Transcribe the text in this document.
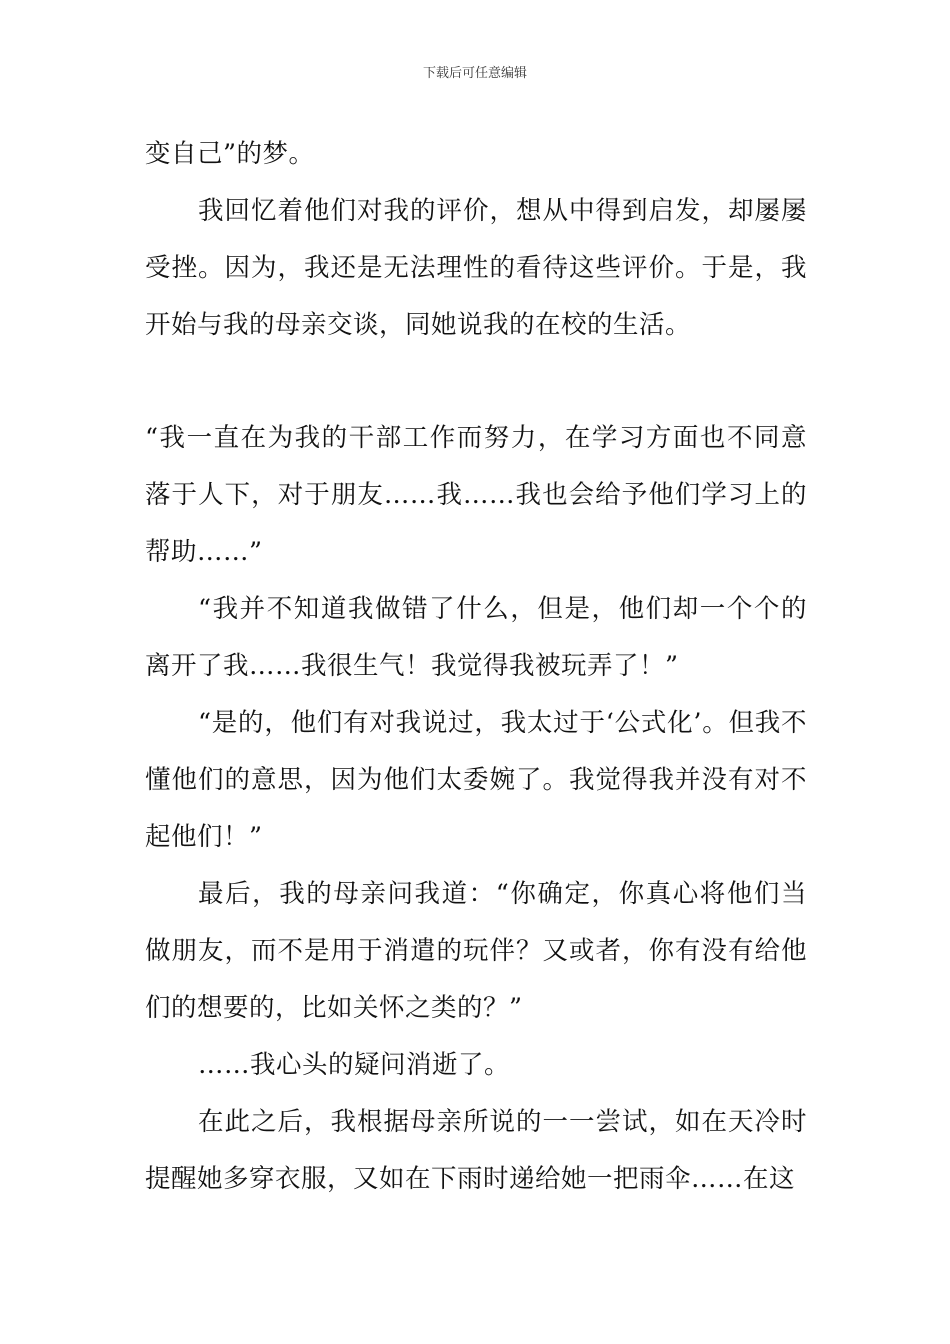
下载后可任意编辑

变自己”的梦。

我回忆着他们对我的评价，想从中得到启发，却屡屡受挫。因为，我还是无法理性的看待这些评价。于是，我开始与我的母亲交谈，同她说我的在校的生活。

“我一直在为我的干部工作而努力，在学习方面也不同意落于人下，对于朋友……我……我也会给予他们学习上的帮助……”

“我并不知道我做错了什么，但是，他们却一个个的离开了我……我很生气！我觉得我被玩弄了！”

“是的，他们有对我说过，我太过于‘公式化’。但我不懂他们的意思，因为他们太委婉了。我觉得我并没有对不起他们！”

最后，我的母亲问我道：“你确定，你真心将他们当做朋友，而不是用于消遣的玩伴？又或者，你有没有给他们的想要的，比如关怀之类的？”

……我心头的疑问消逝了。

在此之后，我根据母亲所说的一一尝试，如在天冷时提醒她多穿衣服，又如在下雨时递给她一把雨伞……在这
